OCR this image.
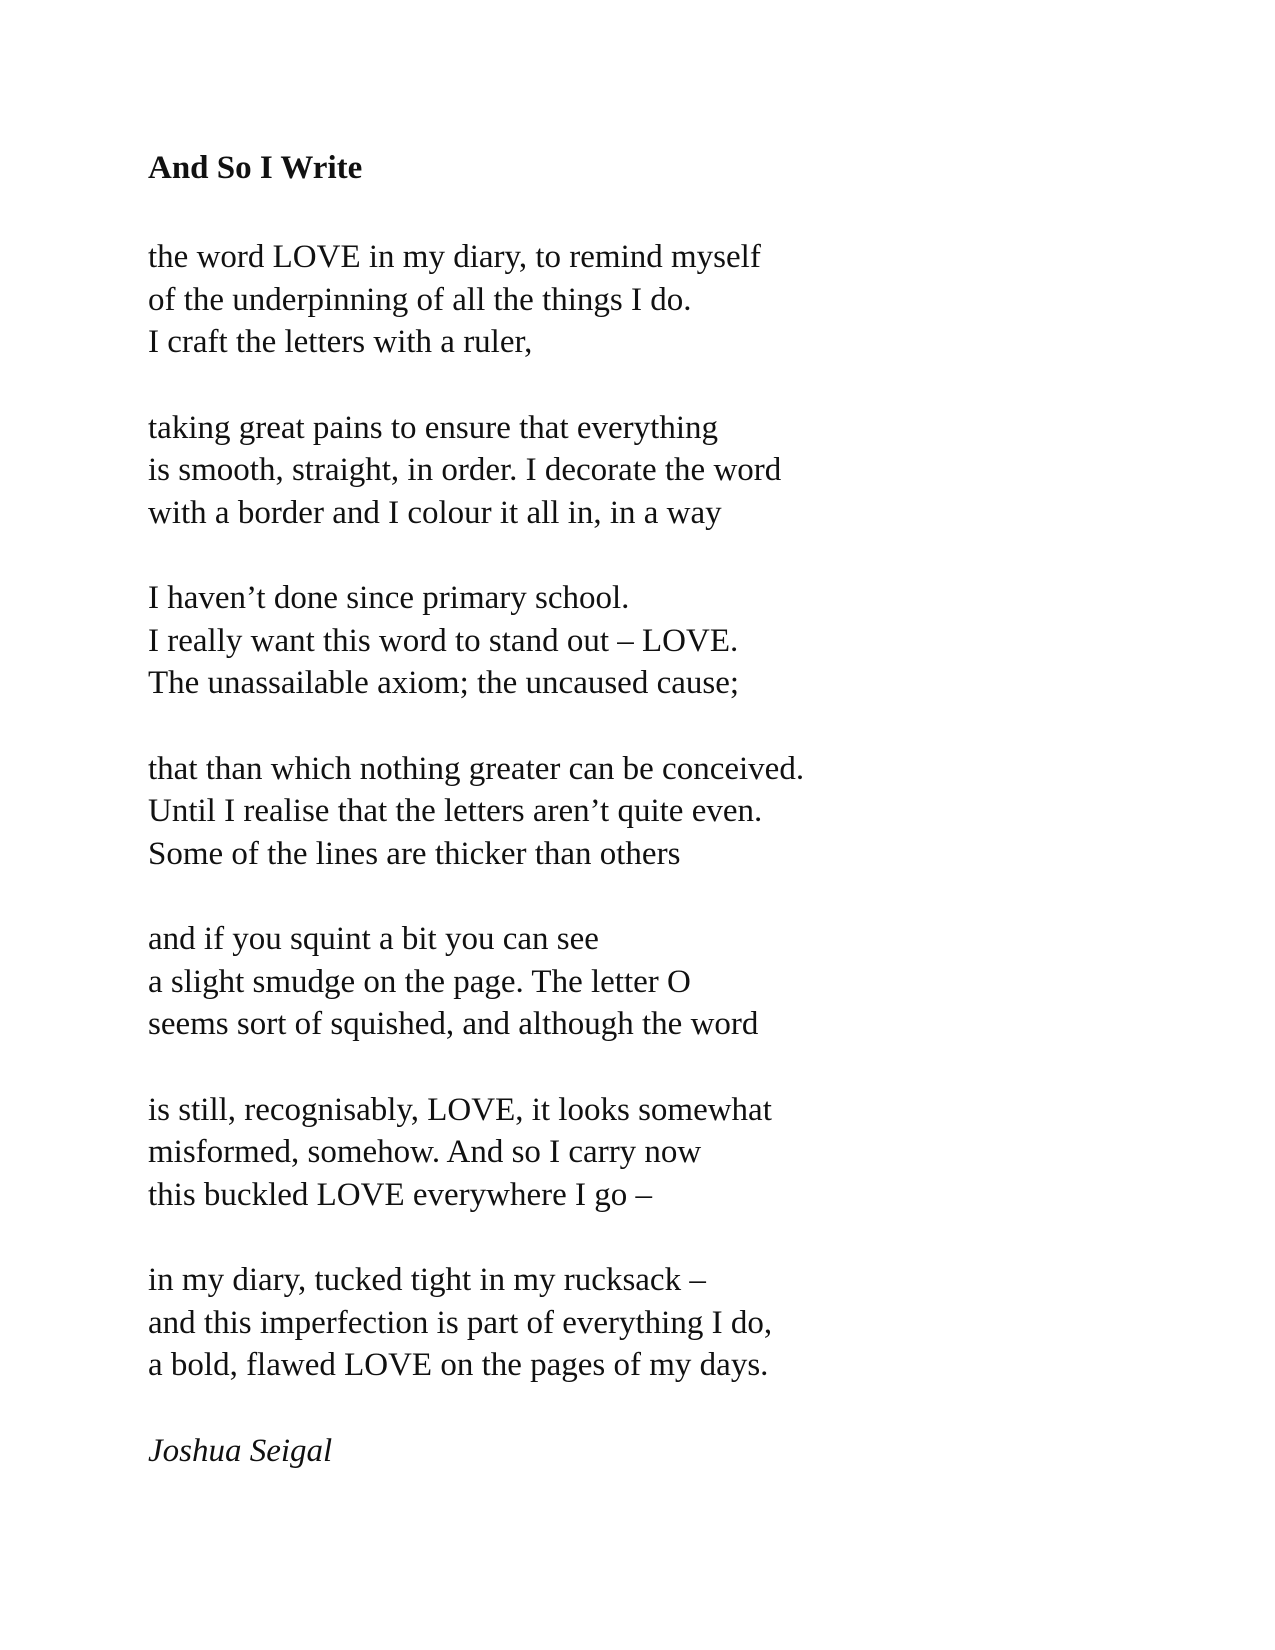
And So I Write
the word LOVE in my diary, to remind myself
of the underpinning of all the things I do.
I craft the letters with a ruler,
taking great pains to ensure that everything
is smooth, straight, in order. I decorate the word
with a border and I colour it all in, in a way
I haven’t done since primary school.
I really want this word to stand out – LOVE.
The unassailable axiom; the uncaused cause;
that than which nothing greater can be conceived.
Until I realise that the letters aren’t quite even.
Some of the lines are thicker than others
and if you squint a bit you can see
a slight smudge on the page. The letter O
seems sort of squished, and although the word
is still, recognisably, LOVE, it looks somewhat
misformed, somehow. And so I carry now
this buckled LOVE everywhere I go –
in my diary, tucked tight in my rucksack –
and this imperfection is part of everything I do,
a bold, flawed LOVE on the pages of my days.
Joshua Seigal
